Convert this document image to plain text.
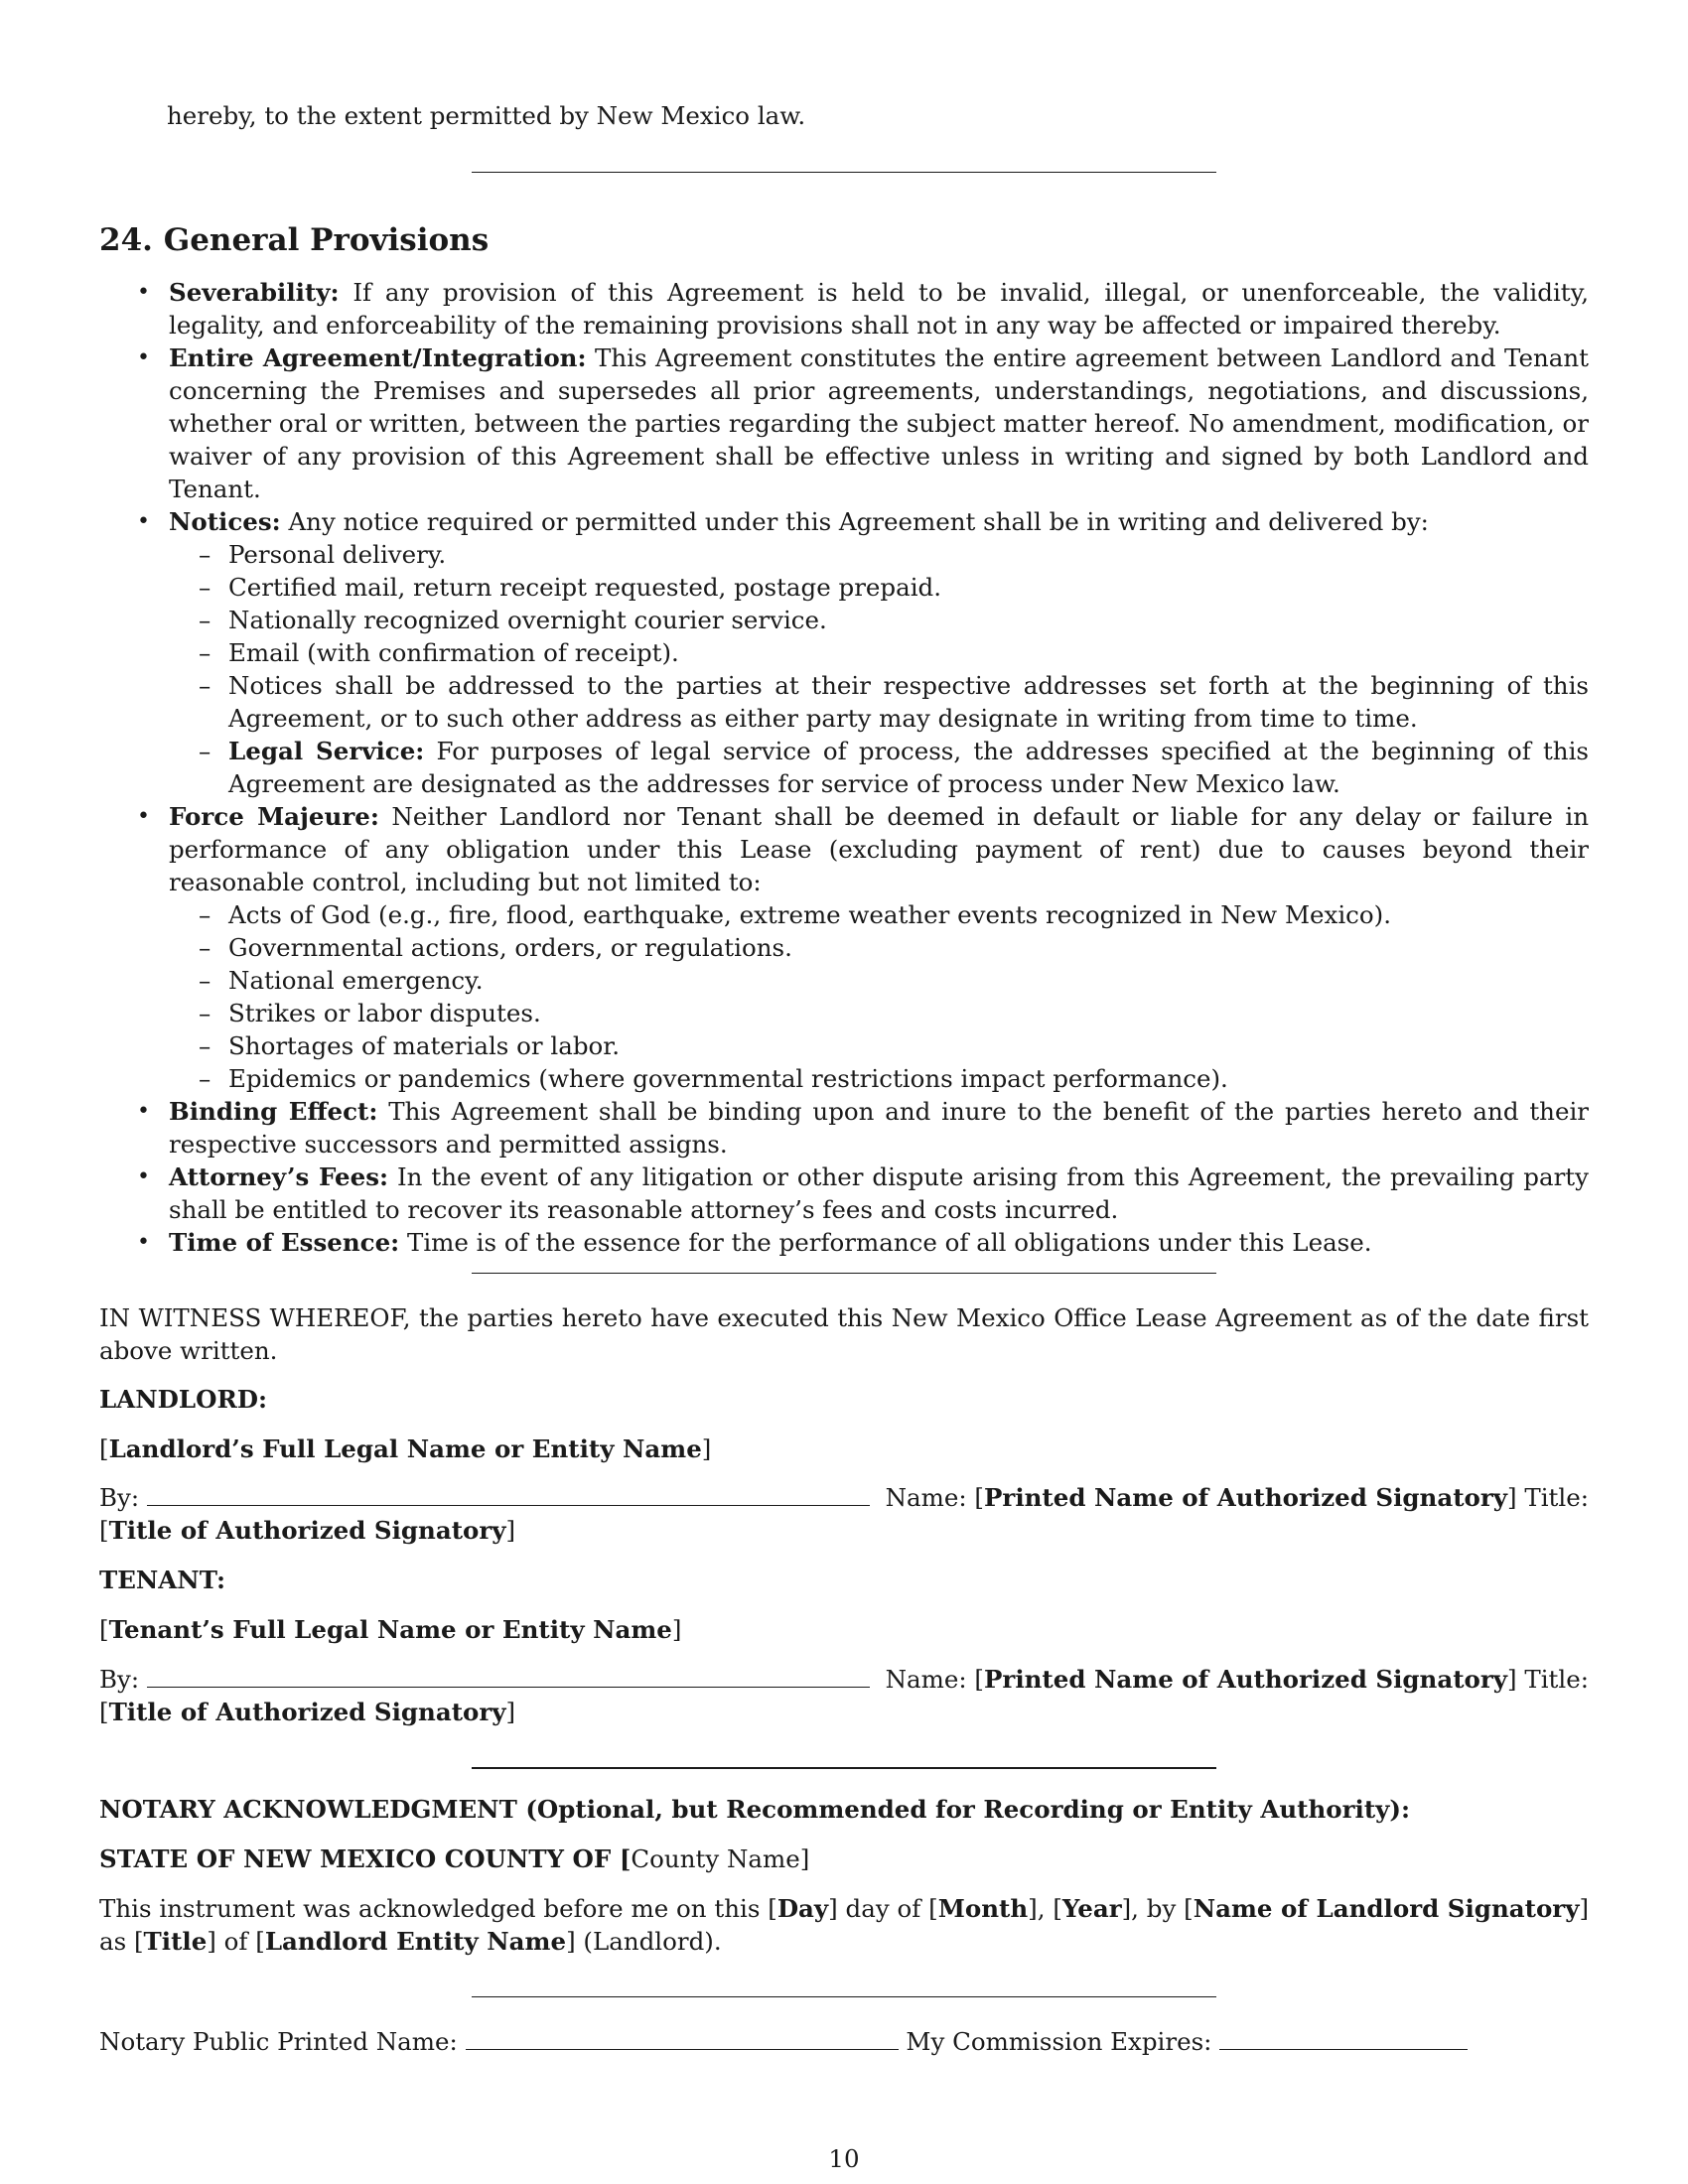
hereby, to the extent permitted by New Mexico law.
24. General Provisions
• Severability: If any provision of this Agreement is held to be invalid, illegal, or unenforceable, the validity, legality, and enforceability of the remaining provisions shall not in any way be affected or impaired thereby.
• Entire Agreement/Integration: This Agreement constitutes the entire agreement between Landlord and Tenant concerning the Premises and supersedes all prior agreements, understandings, negotiations, and discussions, whether oral or written, between the parties regarding the subject matter hereof. No amendment, modification, or waiver of any provision of this Agreement shall be effective unless in writing and signed by both Landlord and Tenant.
• Notices: Any notice required or permitted under this Agreement shall be in writing and delivered by:
– Personal delivery.
– Certified mail, return receipt requested, postage prepaid.
– Nationally recognized overnight courier service.
– Email (with confirmation of receipt).
– Notices shall be addressed to the parties at their respective addresses set forth at the beginning of this Agreement, or to such other address as either party may designate in writing from time to time.
– Legal Service: For purposes of legal service of process, the addresses specified at the beginning of this Agreement are designated as the addresses for service of process under New Mexico law.
• Force Majeure: Neither Landlord nor Tenant shall be deemed in default or liable for any delay or failure in performance of any obligation under this Lease (excluding payment of rent) due to causes beyond their reasonable control, including but not limited to:
– Acts of God (e.g., fire, flood, earthquake, extreme weather events recognized in New Mexico).
– Governmental actions, orders, or regulations.
– National emergency.
– Strikes or labor disputes.
– Shortages of materials or labor.
– Epidemics or pandemics (where governmental restrictions impact performance).
• Binding Effect: This Agreement shall be binding upon and inure to the benefit of the parties hereto and their respective successors and permitted assigns.
• Attorney’s Fees: In the event of any litigation or other dispute arising from this Agreement, the prevailing party shall be entitled to recover its reasonable attorney’s fees and costs incurred.
• Time of Essence: Time is of the essence for the performance of all obligations under this Lease.
IN WITNESS WHEREOF, the parties hereto have executed this New Mexico Office Lease Agreement as of the date first above written.
LANDLORD:
[Landlord’s Full Legal Name or Entity Name]
By:	Name: [Printed Name of Authorized Signatory] Title:
[Title of Authorized Signatory]
TENANT:
[Tenant’s Full Legal Name or Entity Name]
By:	Name: [Printed Name of Authorized Signatory] Title:
[Title of Authorized Signatory]
NOTARY ACKNOWLEDGMENT (Optional, but Recommended for Recording or Entity Authority):
STATE OF NEW MEXICO COUNTY OF [County Name]
This instrument was acknowledged before me on this [Day] day of [Month], [Year], by [Name of Landlord Signatory] as [Title] of [Landlord Entity Name] (Landlord).
Notary Public Printed Name:	My Commission Expires:
10
